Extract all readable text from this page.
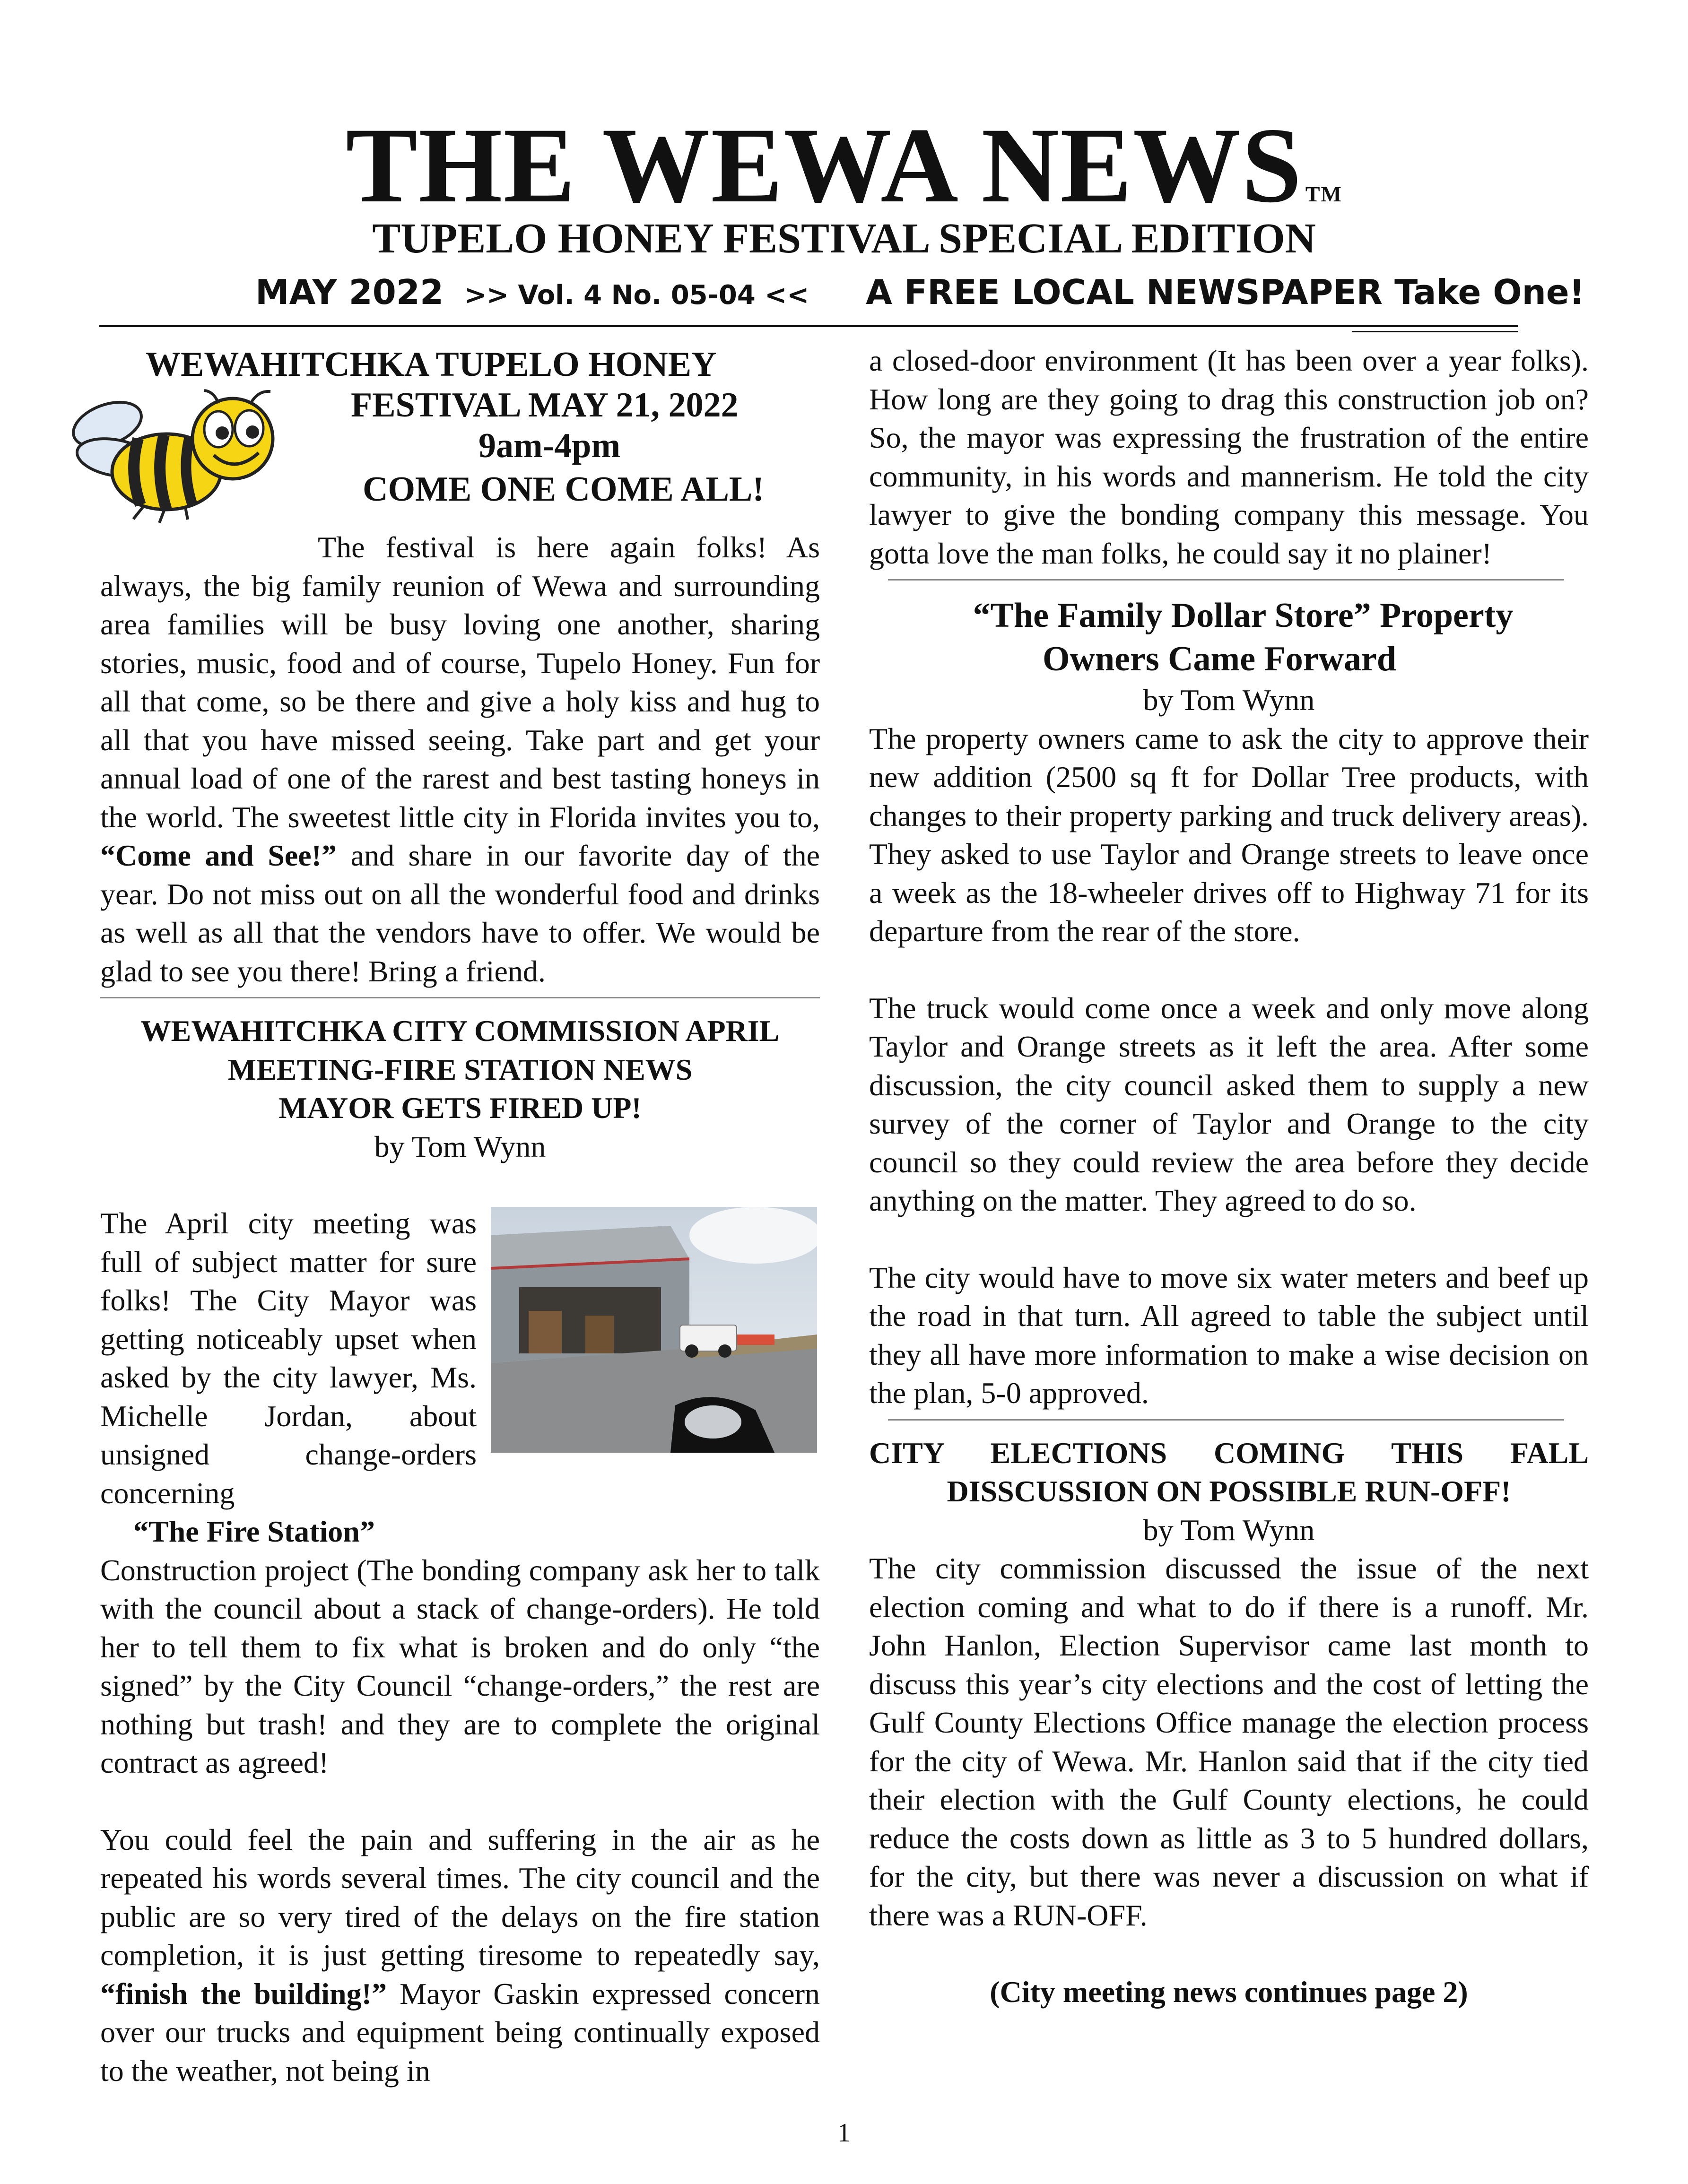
THE WEWA NEWS TM
TUPELO HONEY FESTIVAL SPECIAL EDITION
MAY 2022 >> Vol. 4 No. 05-04 << A FREE LOCAL NEWSPAPER Take One!
WEWAHITCHKA TUPELO HONEY
FESTIVAL MAY 21, 2022
9am-4pm
COME ONE COME ALL!

The festival is here again folks! As always, the big family reunion of Wewa and surrounding area families will be busy loving one another, sharing stories, music, food and of course, Tupelo Honey. Fun for all that come, so be there and give a holy kiss and hug to all that you have missed seeing. Take part and get your annual load of one of the rarest and best tasting honeys in the world. The sweetest little city in Florida invites you to, “Come and See!” and share in our favorite day of the year. Do not miss out on all the wonderful food and drinks as well as all that the vendors have to offer. We would be glad to see you there! Bring a friend.

WEWAHITCHKA CITY COMMISSION APRIL
MEETING-FIRE STATION NEWS
MAYOR GETS FIRED UP!
by Tom Wynn

The April city meeting was full of subject matter for sure folks! The City Mayor was getting noticeably upset when asked by the city lawyer, Ms. Michelle Jordan, about unsigned change-orders concerning
“The Fire Station”
Construction project (The bonding company ask her to talk with the council about a stack of change-orders). He told her to tell them to fix what is broken and do only “the signed” by the City Council “change-orders,” the rest are nothing but trash! and they are to complete the original contract as agreed!

You could feel the pain and suffering in the air as he repeated his words several times. The city council and the public are so very tired of the delays on the fire station completion, it is just getting tiresome to repeatedly say, “finish the building!” Mayor Gaskin expressed concern over our trucks and equipment being continually exposed to the weather, not being in

a closed-door environment (It has been over a year folks). How long are they going to drag this construction job on? So, the mayor was expressing the frustration of the entire community, in his words and mannerism. He told the city lawyer to give the bonding company this message. You gotta love the man folks, he could say it no plainer!

“The Family Dollar Store” Property
Owners Came Forward
by Tom Wynn

The property owners came to ask the city to approve their new addition (2500 sq ft for Dollar Tree products, with changes to their property parking and truck delivery areas). They asked to use Taylor and Orange streets to leave once a week as the 18-wheeler drives off to Highway 71 for its departure from the rear of the store.

The truck would come once a week and only move along Taylor and Orange streets as it left the area. After some discussion, the city council asked them to supply a new survey of the corner of Taylor and Orange to the city council so they could review the area before they decide anything on the matter. They agreed to do so.

The city would have to move six water meters and beef up the road in that turn. All agreed to table the subject until they all have more information to make a wise decision on the plan, 5-0 approved.

CITY ELECTIONS COMING THIS FALL
DISSCUSSION ON POSSIBLE RUN-OFF!
by Tom Wynn

The city commission discussed the issue of the next election coming and what to do if there is a runoff. Mr. John Hanlon, Election Supervisor came last month to discuss this year’s city elections and the cost of letting the Gulf County Elections Office manage the election process for the city of Wewa. Mr. Hanlon said that if the city tied their election with the Gulf County elections, he could reduce the costs down as little as 3 to 5 hundred dollars, for the city, but there was never a discussion on what if there was a RUN-OFF.

(City meeting news continues page 2)
1
